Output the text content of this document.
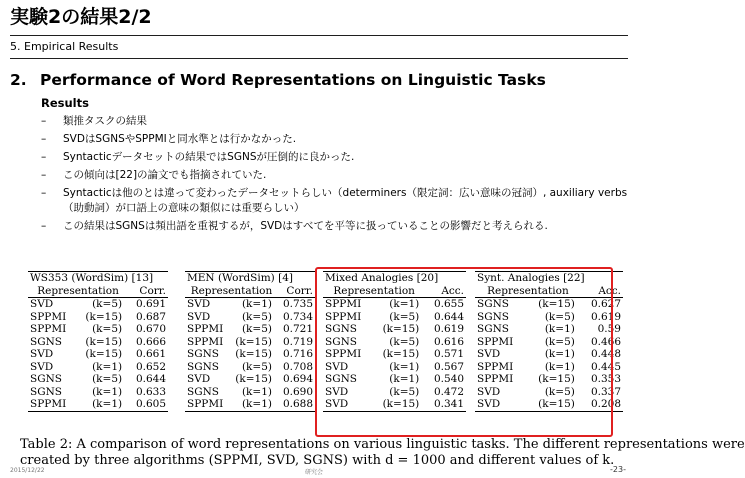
実験2の結果2/2
5. Empirical Results
2. Performance of Word Representations on Linguistic Tasks
Results
–	類推タスクの結果
–	SVDはSGNSやSPPMIと同水準とは行かなかった.
–	Syntacticデータセットの結果ではSGNSが圧倒的に良かった.
–	この傾向は[22]の論文でも指摘されていた.
–	Syntacticは他のとは違って変わったデータセットらしい（determiners（限定詞：広い意味の冠詞）, auxiliary verbs（助動詞）が口語上の意味の類似には重要らしい）
–	この結果はSGNSは頻出語を重視するが，SVDはすべてを平等に扱っていることの影響だと考えられる.
WS353 (WordSim) [13]		
Representation		Corr.
SVD	(k=5)	0.691
SPPMI	(k=15)	0.687
SPPMI	(k=5)	0.670
SGNS	(k=15)	0.666
SVD	(k=15)	0.661
SVD	(k=1)	0.652
SGNS	(k=5)	0.644
SGNS	(k=1)	0.633
SPPMI	(k=1)	0.605
MEN (WordSim) [4]		
Representation		Corr.
SVD	(k=1)	0.735
SVD	(k=5)	0.734
SPPMI	(k=5)	0.721
SPPMI	(k=15)	0.719
SGNS	(k=15)	0.716
SGNS	(k=5)	0.708
SVD	(k=15)	0.694
SGNS	(k=1)	0.690
SPPMI	(k=1)	0.688
Mixed Analogies [20]		
Representation		Acc.
SPPMI	(k=1)	0.655
SPPMI	(k=5)	0.644
SGNS	(k=15)	0.619
SGNS	(k=5)	0.616
SPPMI	(k=15)	0.571
SVD	(k=1)	0.567
SGNS	(k=1)	0.540
SVD	(k=5)	0.472
SVD	(k=15)	0.341
Synt. Analogies [22]		
Representation		Acc.
SGNS	(k=15)	0.627
SGNS	(k=5)	0.619
SGNS	(k=1)	0.59
SPPMI	(k=5)	0.466
SVD	(k=1)	0.448
SPPMI	(k=1)	0.445
SPPMI	(k=15)	0.353
SVD	(k=5)	0.337
SVD	(k=15)	0.208
Table 2: A comparison of word representations on various linguistic tasks. The different representations were
created by three algorithms (SPPMI, SVD, SGNS) with d = 1000 and different values of k.
2015/12/22	研究会	-23-
